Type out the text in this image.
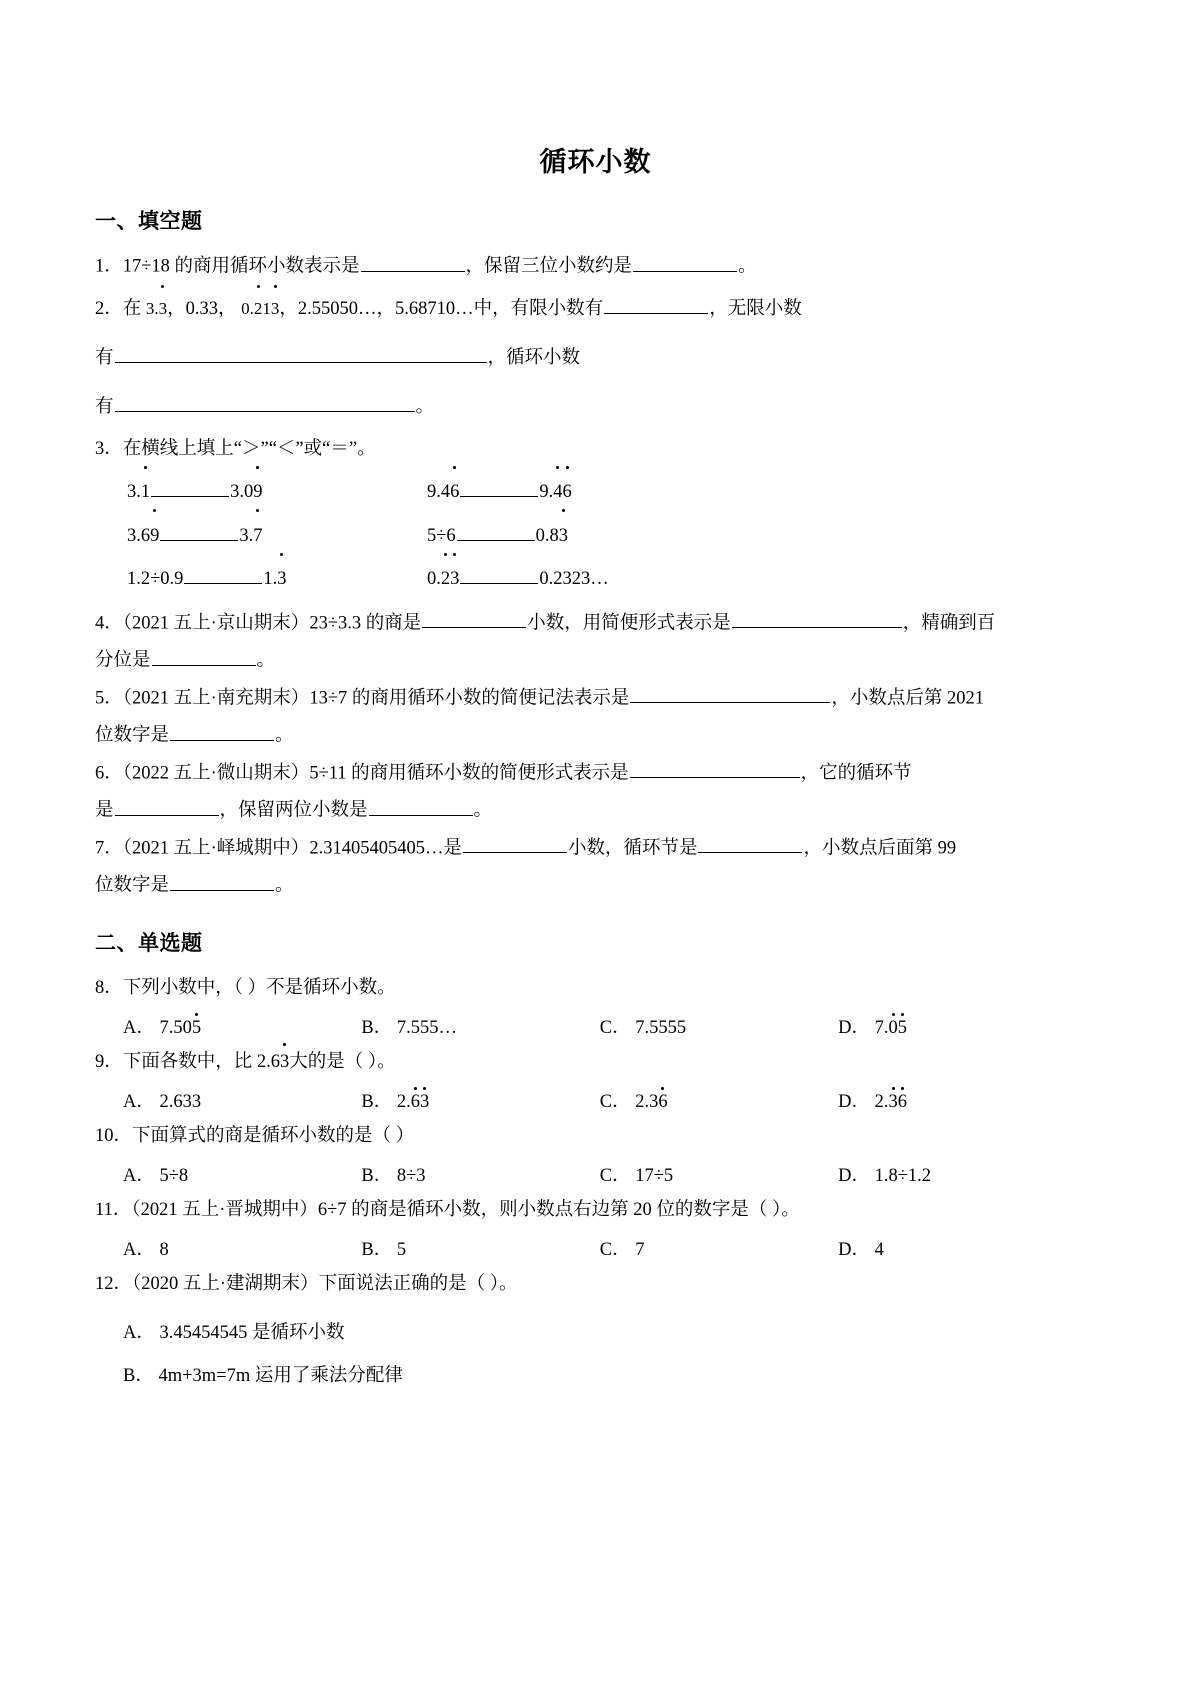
循环小数
一、填空题

1．17÷18 的商用循环小数表示是	，保留三位小数约是	。

2．在 3.3，0.33， 0.213，2.55050…，5.68710…中，有限小数有	，无限小数

有	，循环小数

有	。

3．在横线上填上“＞”“＜”或“＝”。

3.1	3.09	9.46	9.46
3.69	3.7	5÷6	0.83
1.2÷0.9	1.3	0.23	0.2323…

4．（2021 五上·京山期末）23÷3.3 的商是	小数，用简便形式表示是	，精确到百

分位是	。

5．（2021 五上·南充期末）13÷7 的商用循环小数的简便记法表示是	，小数点后第 2021

位数字是	。

6．（2022 五上·微山期末）5÷11 的商用循环小数的简便形式表示是	，它的循环节

是	，保留两位小数是	。

7．（2021 五上·峄城期中）2.31405405405…是	小数，循环节是	，小数点后面第 99

位数字是	。

二、单选题

8．下列小数中，（ ）不是循环小数。

A． 7.505	B． 7.555…	C． 7.5555	D． 7.05

9．下面各数中，比 2.63大的是（ ）。

A． 2.633	B． 2.63	C． 2.36	D． 2.36

10．下面算式的商是循环小数的是（ ）

A． 5÷8	B． 8÷3	C． 17÷5	D． 1.8÷1.2

11．（2021 五上·晋城期中）6÷7 的商是循环小数，则小数点右边第 20 位的数字是（ ）。

A． 8	B． 5	C． 7	D． 4

12．（2020 五上·建湖期末）下面说法正确的是（ ）。

A． 3.45454545 是循环小数
B． 4m+3m=7m 运用了乘法分配律
